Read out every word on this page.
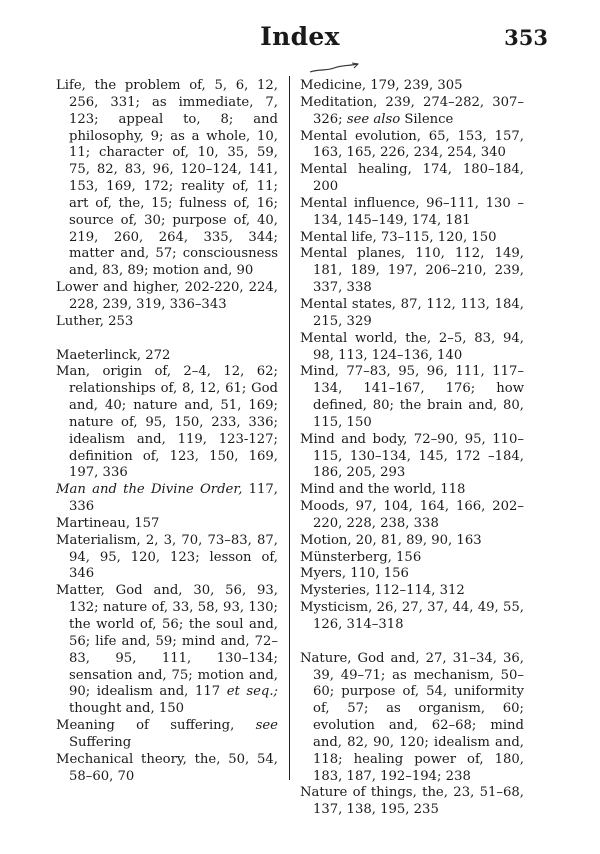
Index	353

Life, the problem of, 5, 6, 12, 256, 331; as immediate, 7, 123; appeal to, 8; and philosophy, 9; as a whole, 10, 11; character of, 10, 35, 59, 75, 82, 83, 96, 120–124, 141, 153, 169, 172; reality of, 11; art of, the, 15; fulness of, 16; source of, 30; purpose of, 40, 219, 260, 264, 335, 344; matter and, 57; consciousness and, 83, 89; motion and, 90

Lower and higher, 202-220, 224, 228, 239, 319, 336–343

Luther, 253

Maeterlinck, 272

Man, origin of, 2–4, 12, 62; relationships of, 8, 12, 61; God and, 40; nature and, 51, 169; nature of, 95, 150, 233, 336; idealism and, 119, 123-127; definition of, 123, 150, 169, 197, 336

Man and the Divine Order, 117, 336

Martineau, 157

Materialism, 2, 3, 70, 73–83, 87, 94, 95, 120, 123; lesson of, 346

Matter, God and, 30, 56, 93, 132; nature of, 33, 58, 93, 130; the world of, 56; the soul and, 56; life and, 59; mind and, 72–83, 95, 111, 130–134; sensation and, 75; motion and, 90; idealism and, 117 et seq.; thought and, 150

Meaning of suffering, see Suffering

Mechanical theory, the, 50, 54, 58–60, 70

Medicine, 179, 239, 305

Meditation, 239, 274–282, 307–326; see also Silence

Mental evolution, 65, 153, 157, 163, 165, 226, 234, 254, 340

Mental healing, 174, 180–184, 200

Mental influence, 96–111, 130 –134, 145–149, 174, 181

Mental life, 73–115, 120, 150

Mental planes, 110, 112, 149, 181, 189, 197, 206–210, 239, 337, 338

Mental states, 87, 112, 113, 184, 215, 329

Mental world, the, 2–5, 83, 94, 98, 113, 124–136, 140

Mind, 77–83, 95, 96, 111, 117–134, 141–167, 176; how defined, 80; the brain and, 80, 115, 150

Mind and body, 72–90, 95, 110–115, 130–134, 145, 172 –184, 186, 205, 293

Mind and the world, 118

Moods, 97, 104, 164, 166, 202–220, 228, 238, 338

Motion, 20, 81, 89, 90, 163

Münsterberg, 156

Myers, 110, 156

Mysteries, 112–114, 312

Mysticism, 26, 27, 37, 44, 49, 55, 126, 314–318

Nature, God and, 27, 31–34, 36, 39, 49–71; as mechanism, 50–60; purpose of, 54, uniformity of, 57; as organism, 60; evolution and, 62–68; mind and, 82, 90, 120; idealism and, 118; healing power of, 180, 183, 187, 192–194; 238

Nature of things, the, 23, 51–68, 137, 138, 195, 235
